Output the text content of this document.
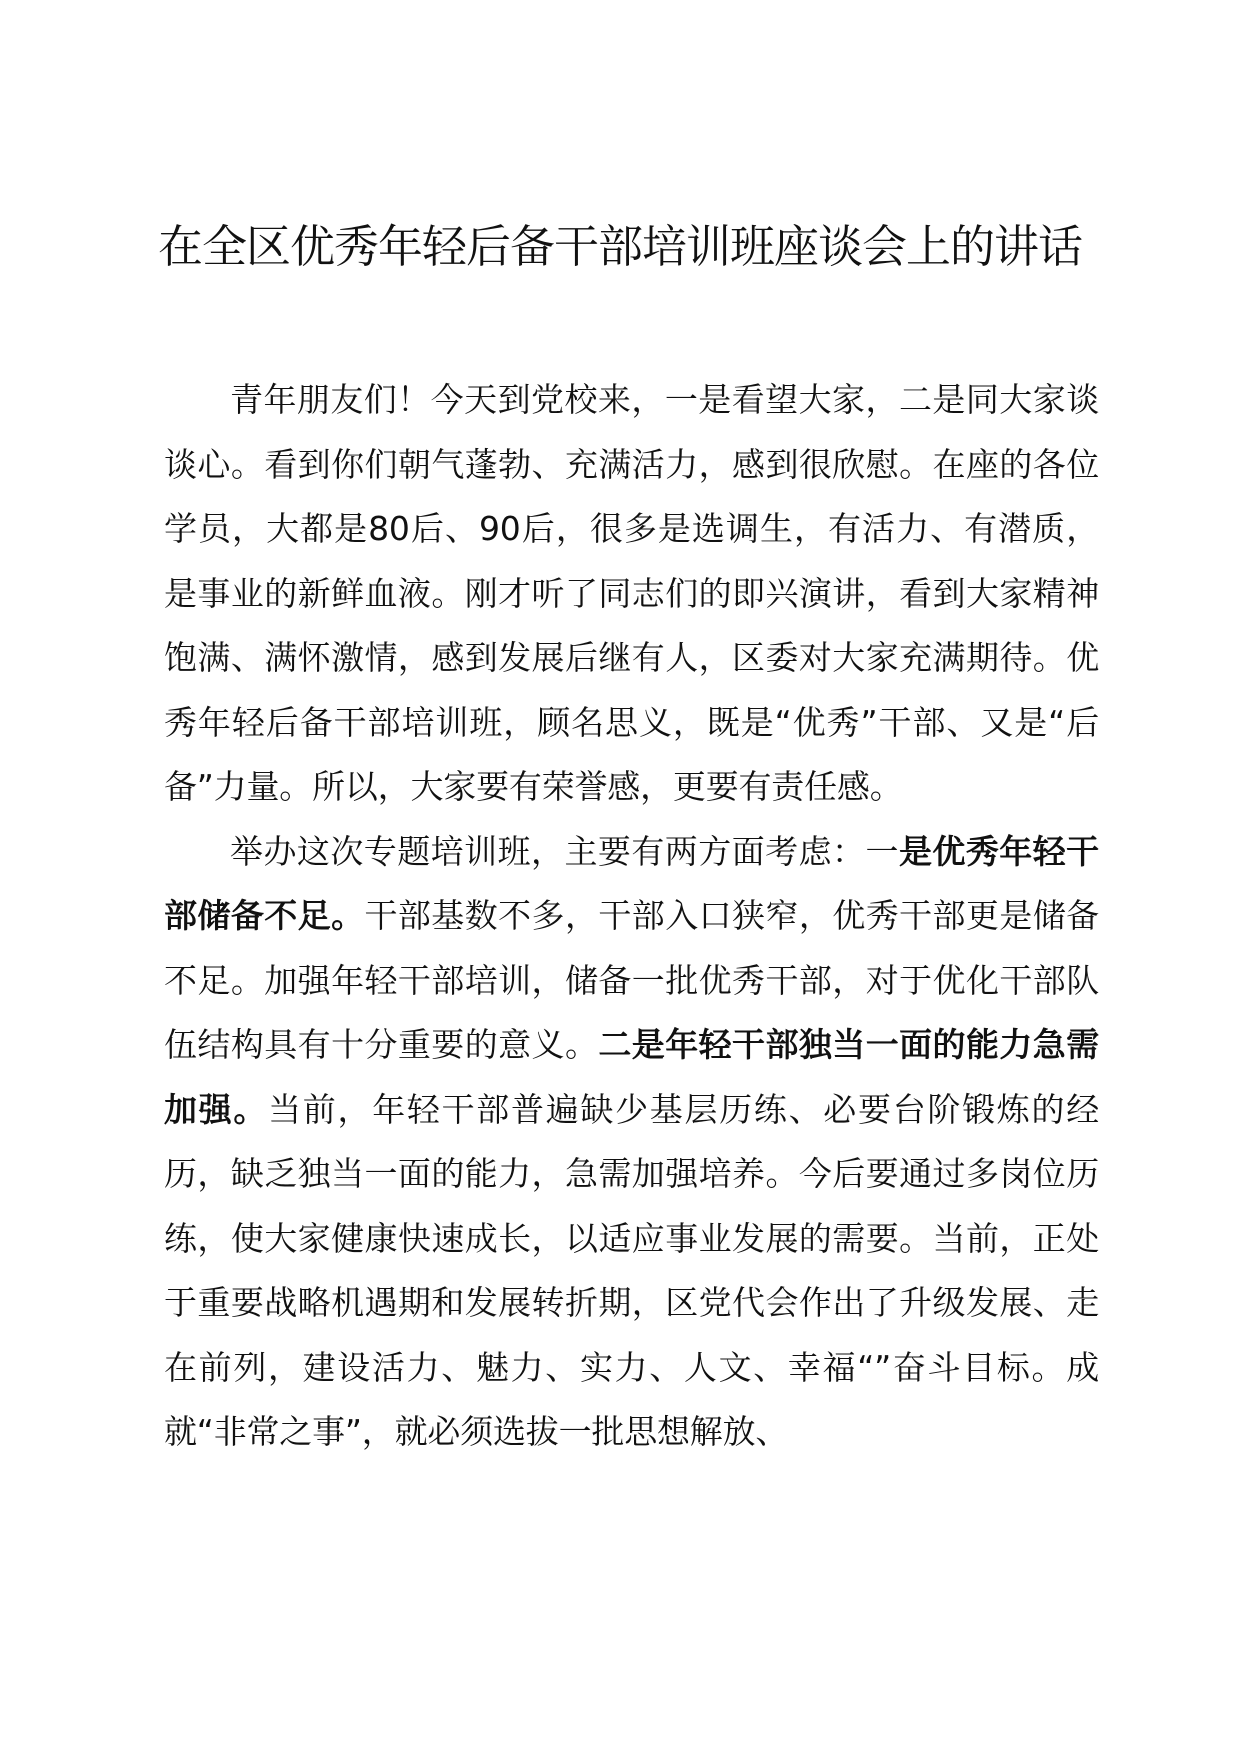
在全区优秀年轻后备干部培训班座谈会上的讲话

青年朋友们！今天到党校来，一是看望大家，二是同大家谈谈心。看到你们朝气蓬勃、充满活力，感到很欣慰。在座的各位学员，大都是80后、90后，很多是选调生，有活力、有潜质，是事业的新鲜血液。刚才听了同志们的即兴演讲，看到大家精神饱满、满怀激情，感到发展后继有人，区委对大家充满期待。优秀年轻后备干部培训班，顾名思义，既是“优秀”干部、又是“后备”力量。所以，大家要有荣誉感，更要有责任感。

举办这次专题培训班，主要有两方面考虑：一是优秀年轻干部储备不足。干部基数不多，干部入口狭窄，优秀干部更是储备不足。加强年轻干部培训，储备一批优秀干部，对于优化干部队伍结构具有十分重要的意义。二是年轻干部独当一面的能力急需加强。当前，年轻干部普遍缺少基层历练、必要台阶锻炼的经历，缺乏独当一面的能力，急需加强培养。今后要通过多岗位历练，使大家健康快速成长，以适应事业发展的需要。当前，正处于重要战略机遇期和发展转折期，区党代会作出了升级发展、走在前列，建设活力、魅力、实力、人文、幸福“”奋斗目标。成就“非常之事”，就必须选拔一批思想解放、
